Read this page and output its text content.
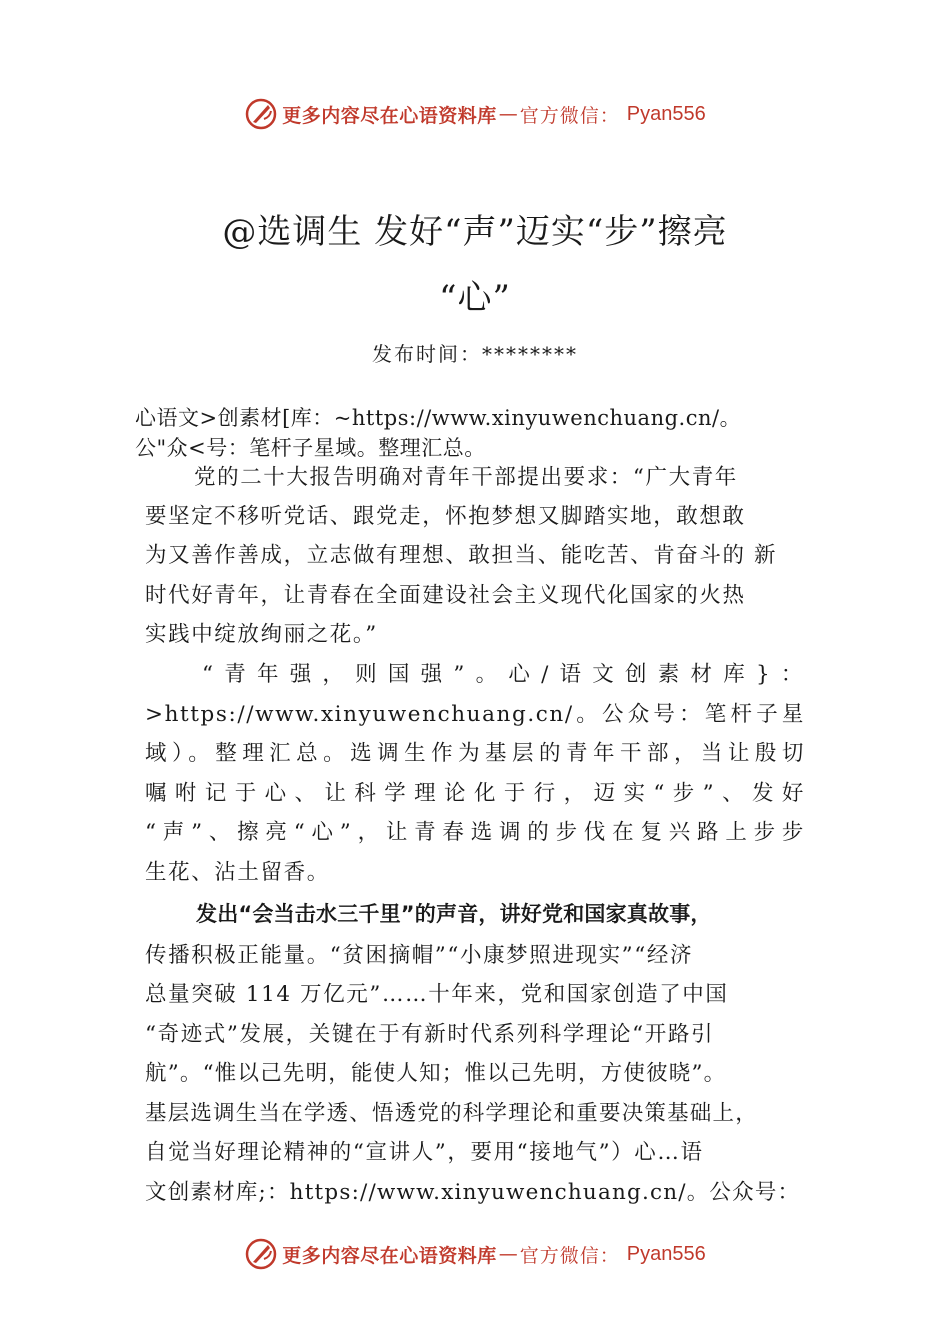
更多内容尽在心语资料库 — 官方微信 ： Pyan556
@选调生 发好“声”迈实“步”擦亮
“心”
发布时间：********
心语文>创素材[库：~https://www.xinyuwenchuang.cn/。
公"众<号：笔杆子星域。整理汇总。
党的二十大报告明确对青年干部提出要求：“广大青年
要坚定不移听党话、跟党走，怀抱梦想又脚踏实地，敢想敢
为又善作善成，立志做有理想、敢担当、能吃苦、肯奋斗的 新
时代好青年，让青春在全面建设社会主义现代化国家的火热
实践中绽放绚丽之花。”
“青年强，则国强”。心/语文创素材库}：
>https://www.xinyuwenchuang.cn/。公众号：笔杆子星
域）。整理汇总。选调生作为基层的青年干部，当让殷切
嘱咐记于心、让科学理论化于行，迈实“步”、发好
“声”、擦亮“心”，让青春选调的步伐在复兴路上步步
生花、沾土留香。
发出“会当击水三千里”的声音，讲好党和国家真故事，
传播积极正能量。“贫困摘帽”“小康梦照进现实”“经济
总量突破 114 万亿元”……十年来，党和国家创造了中国
“奇迹式”发展，关键在于有新时代系列科学理论“开路引
航”。“惟以己先明，能使人知；惟以己先明，方使彼晓”。
基层选调生当在学透、悟透党的科学理论和重要决策基础上，
自觉当好理论精神的“宣讲人”，要用“接地气”）心…语
文创素材库;：https://www.xinyuwenchuang.cn/。公众号：
更多内容尽在心语资料库 — 官方微信 ： Pyan556
